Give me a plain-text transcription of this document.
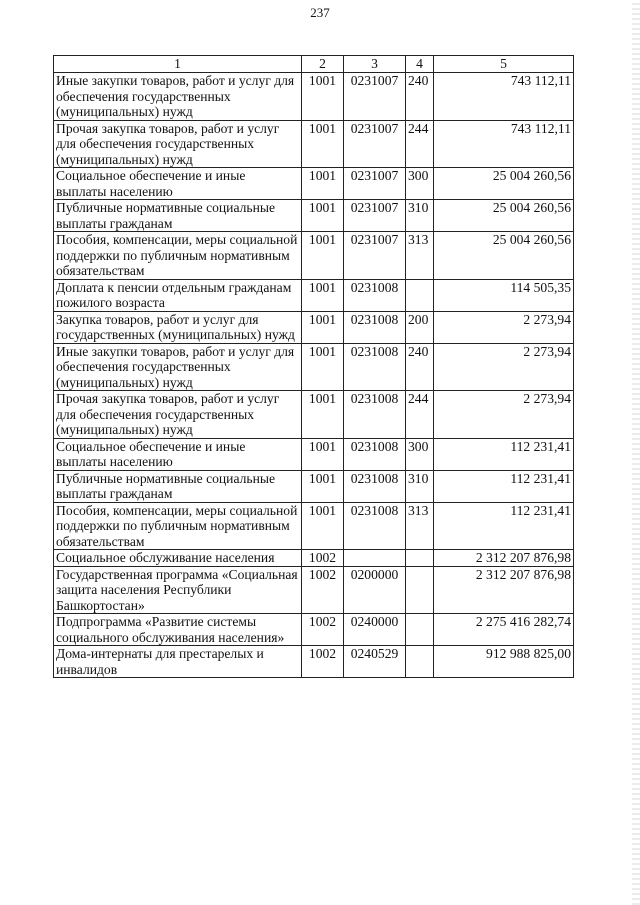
237
1	2	3	4	5
Иные закупки товаров, работ и услуг для обеспечения государственных (муниципальных) нужд	1001	0231007	240	743 112,11
Прочая закупка товаров, работ и услуг для обеспечения государственных (муниципальных) нужд	1001	0231007	244	743 112,11
Социальное обеспечение и иные выплаты населению	1001	0231007	300	25 004 260,56
Публичные нормативные социальные выплаты гражданам	1001	0231007	310	25 004 260,56
Пособия, компенсации, меры социальной поддержки по публичным нормативным обязательствам	1001	0231007	313	25 004 260,56
Доплата к пенсии отдельным гражданам пожилого возраста	1001	0231008		114 505,35
Закупка товаров, работ и услуг для государственных (муниципальных) нужд	1001	0231008	200	2 273,94
Иные закупки товаров, работ и услуг для обеспечения государственных (муниципальных) нужд	1001	0231008	240	2 273,94
Прочая закупка товаров, работ и услуг для обеспечения государственных (муниципальных) нужд	1001	0231008	244	2 273,94
Социальное обеспечение и иные выплаты населению	1001	0231008	300	112 231,41
Публичные нормативные социальные выплаты гражданам	1001	0231008	310	112 231,41
Пособия, компенсации, меры социальной поддержки по публичным нормативным обязательствам	1001	0231008	313	112 231,41
Социальное обслуживание населения	1002			2 312 207 876,98
Государственная программа «Социальная защита населения Республики Башкортостан»	1002	0200000		2 312 207 876,98
Подпрограмма «Развитие системы социального обслуживания населения»	1002	0240000		2 275 416 282,74
Дома-интернаты для престарелых и инвалидов	1002	0240529		912 988 825,00
